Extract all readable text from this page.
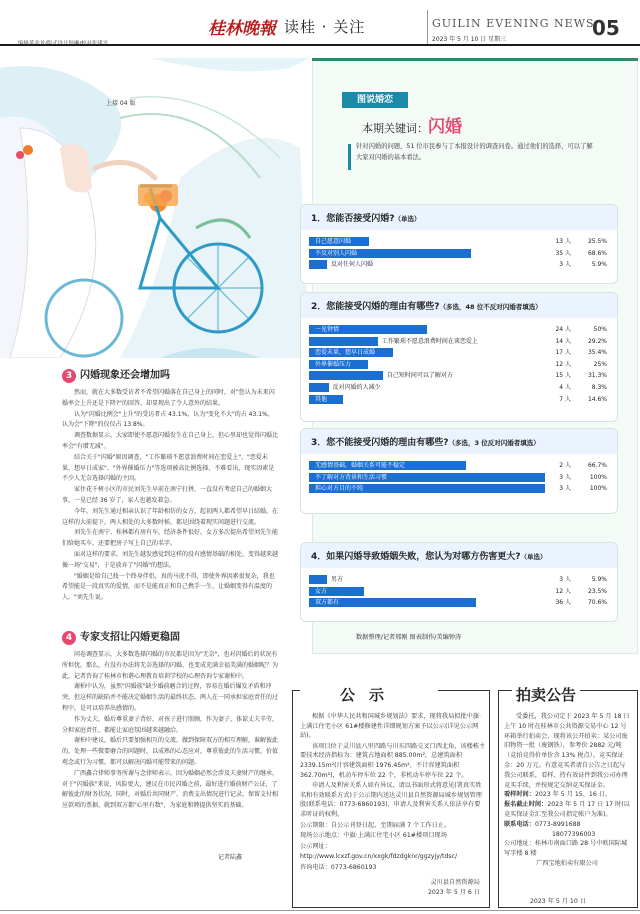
编辑黄金龙/版式设计钟琳/校对张建平
桂林晚報 读桂 · 关注	GUILIN EVENING NEWS
2023 年 5 月 10 日 星期三	05
上接 04 版
3 闪婚现象还会增加吗

然而，就在大多数受访者不希望闪婚落在自己身上的同时，对"您认为未来闪婚率会上升还是下降?"的回答，却显现出了令人意外的结果。

认为"闪婚比例会"上升"的受访者占 43.1%，认为"变化不大"的占 43.1%，认为会"下降"的仅仅占 13.8%。

调查数据显示，大家即使不愿意闪婚发生在自己身上，但心里却也觉得闪婚比率会"有增无减"。

结合关于"闪婚"原因调查，"工作繁琐不愿意浪费时间在恋爱上"、"恋爱未果，想早日成家"、"外界催婚压力"等选项被高比例选择，不难看出，现实因素是不少人无奈选择闪婚的主因。

家住花千树小区的市民刘先生早前在南宁打拼，一直没有考虑自己的婚姻大事，一晃已经 36 岁了，家人也越发着急。

今年，刘先生通过相亲认识了年龄相仿的女方，起初两人都希望早日结婚，在这样的大前提下，两人相处的大多数时候，都是围绕着现实问题进行交流。

刘先生在南宁、桂林都有房有车，经济条件很好，女方多次提出希望刘先生能们给她买车，还要把房子写上自己的名字。

面对这样的要求，刘先生越发感觉到这样的没有感情基础的相处，变得越来越像一场"交易"，于是放弃了"闪婚"的想法。

"婚姻是给自己找一个终身伴侣，真的马虎不得，即使外界因素很复杂，我也希望能是一段真实的爱情，而不是能真正和自己携手一生、让婚姻变得有温度的人。"刘先生说。

4 专家支招让闪婚更稳固

问卷调查显示，大多数选择闪婚的市民都是因为"无奈"，也对闪婚后的状况有所担忧。那么，有没有办法将无奈选择的闪婚，也变成充满幸福美满的婚姻呢？为此，记者咨询了桂林市和谐心理教育培训学校的心理咨询专家谢柏中。

谢柏中认为，虽然"闪婚族"缺少婚前磨合的过程，容易在婚后爆发矛盾和冲突，但这样的缺陷并不能决定婚姻生活的最终状态。两人在一同承担家庭责任的过程中，是可以培养出感情的。

作为丈夫，婚后尊重妻子背好，对孩子进行照顾，作为妻子，体谅丈夫辛劳，分担家庭责任，都能让家庭氛围越来越融洽。

谢柏中建议，婚后只要加强相互的交流，做到保障双方的相互理解，谁解彼此的，处理一些微要磨合的问题时，以成熟的心态应对，尊重彼此的生活习惯，价值观念或行为习惯，都可以解决闪婚可能带来的问题。

广西鑫合律师事务所谢与念律师表示，因为婚姻必然会涉及夫妻财产的继承，对于"闪婚族"来说，风险更大，建议在市民闪婚之前，最好进行婚前财产公证，了解彼此的财务状况。同时，对婚后共同财产、消费支出情况进行记录，保留支付相应款项的票据，就到双方都"心里有数"，为家庭和睦提供坚实的基础。

记者陆鑫
图说婚恋
本期关键词：闪婚
针对闪婚的问题，51 位市民参与了本报设计的调查问卷。通过他们的选择，可以了解大家对闪婚的基本看法。
1．您能否接受闪婚?（单选）
自己愿意闪婚	13 人	25.5%
不反对别人闪婚	35 人	68.6%
反对任何人闪婚	3 人	5.9%
2．您能接受闪婚的理由有哪些?（多选，48 位不反对闪婚者填选）
一见钟情	24 人	50%
工作繁琐不愿意浪费时间在谈恋爱上	14 人	29.2%
恋爱未果，想早日成婚	17 人	35.4%
外界催婚压力	12 人	25%
自己短时间可以了解对方	15 人	31.3%
反对闪婚的人减少	4 人	8.3%
其他	7 人	14.6%
3．您不能接受闪婚的理由有哪些?（多选，3 位反对闪婚者填选）
无感情基础，婚姻关系可能不稳定	2 人	66.7%
不了解对方背景和生活习惯	3 人	100%
担心对方目的不纯	3 人	100%
4．如果闪婚导致婚姻失败，您认为对哪方伤害更大?（单选）
男方	3 人	5.9%
女方	12 人	23.5%
双方都有	36 人	70.6%
数据整理/记者邢刚 图表制作/美编钟涛
公示

根据《中华人民共和国城乡规划法》要求，现将我局拟批中旗·上满江住宅小区 61#楼修建性详细规划方案予以公示(详见公示网站)。

该项目位于灵川县八里四路与川东四路交叉口西北角，该楼栋主要技术经济指标为：建筑占地面积 885.00m²，总建筑面积 2339.15m²(计容建筑面积 1976.45m²，不计容建筑面积 362.70m²)，机动车停车位 22 个，非机动车停车位 22 个。

申请人及利害关系人如有异议，请以书面形式将意见(署真实姓名和有效联系方式)于公示期内送达灵川县自然资源局城乡规划管理股(联系电话：0773-6860193)，申请人及利害关系人依法享有要求听证的权利。

公示期限：自公示刊登日起，至期届满 7 个工作日止。

现场公示地点：中旗·上满江住宅小区 61#楼项目现场

公示网址：

http://www.lcxzf.gov.cn/xxgk/fdzdgknr/ggzyjy/tdsc/

咨询电话：0773-6860193

灵川县自然资源局
2023 年 5 月 6 日
拍卖公告

受委托，我公司定于 2023 年 5 月 18 日上午 10 时在桂林市公共资源交易中心 12 号环箱举行拍卖会，现将该公开拍卖：某公司废旧物资一批（废钢铁），参考价 2882 元/吨（竞拍竞得价单价含 13% 税点），竞买保证金：20 万元。有意竞买者请自公告之日起与我公司联系，看样、持有效证件到我公司办理竞买手续，并按规定交纳竞买保证金。

看样时间：2023 年 5 月 15、16 日。

报名截止时间：2023 年 5 月 17 日 17 时(以竞买保证金汇至我公司指定帐户为准)。

联系电话：0773-8991688

18077396003

公司地址：桂林市南面口路 28 号中欧国际城写字楼 8 楼

广西宝地拍卖有限公司

2023 年 5 月 10 日
